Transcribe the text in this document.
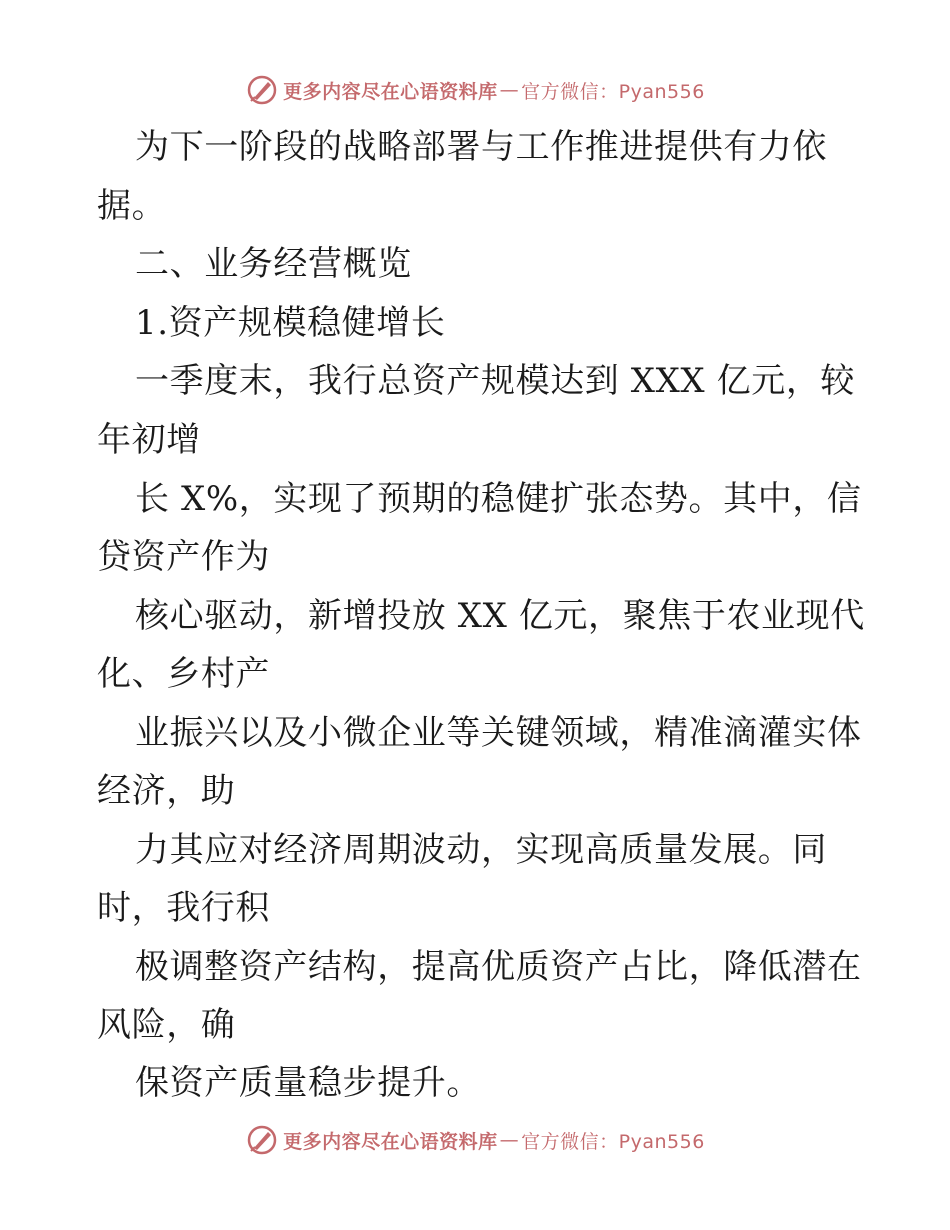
更多内容尽在心语资料库 — 官方微信：Pyan556
为下一阶段的战略部署与工作推进提供有力依
据。
二、业务经营概览
1.资产规模稳健增长
一季度末，我行总资产规模达到 XXX 亿元，较
年初增
长 X%，实现了预期的稳健扩张态势。其中，信
贷资产作为
核心驱动，新增投放 XX 亿元，聚焦于农业现代
化、乡村产
业振兴以及小微企业等关键领域，精准滴灌实体
经济，助
力其应对经济周期波动，实现高质量发展。同
时，我行积
极调整资产结构，提高优质资产占比，降低潜在
风险，确
保资产质量稳步提升。
更多内容尽在心语资料库 — 官方微信：Pyan556
